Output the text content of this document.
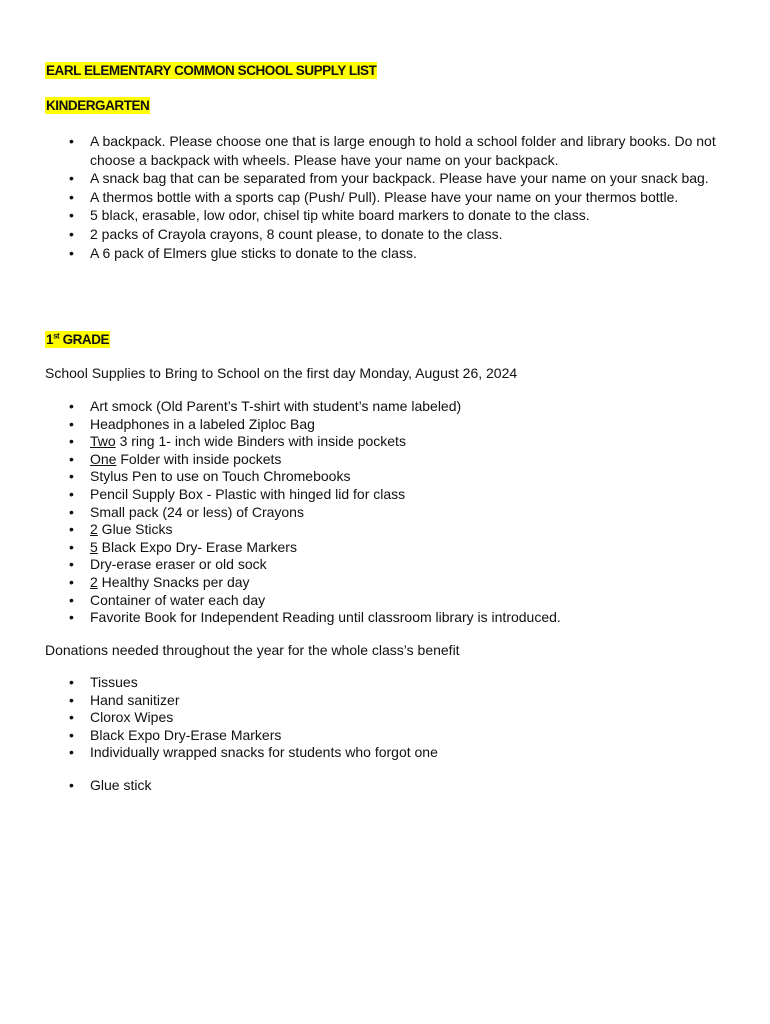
EARL ELEMENTARY COMMON SCHOOL SUPPLY LIST
KINDERGARTEN
• A backpack. Please choose one that is large enough to hold a school folder and library books. Do not choose a backpack with wheels. Please have your name on your backpack.
• A snack bag that can be separated from your backpack. Please have your name on your snack bag.
• A thermos bottle with a sports cap (Push/ Pull). Please have your name on your thermos bottle.
• 5 black, erasable, low odor, chisel tip white board markers to donate to the class.
• 2 packs of Crayola crayons, 8 count please, to donate to the class.
• A 6 pack of Elmers glue sticks to donate to the class.
1st GRADE
School Supplies to Bring to School on the first day Monday, August 26, 2024
• Art smock (Old Parent’s T-shirt with student’s name labeled)
• Headphones in a labeled Ziploc Bag
• Two 3 ring 1- inch wide Binders with inside pockets
• One Folder with inside pockets
• Stylus Pen to use on Touch Chromebooks
• Pencil Supply Box - Plastic with hinged lid for class
• Small pack (24 or less) of Crayons
• 2 Glue Sticks
• 5 Black Expo Dry- Erase Markers
• Dry-erase eraser or old sock
• 2 Healthy Snacks per day
• Container of water each day
• Favorite Book for Independent Reading until classroom library is introduced.
Donations needed throughout the year for the whole class’s benefit
• Tissues
• Hand sanitizer
• Clorox Wipes
• Black Expo Dry-Erase Markers
• Individually wrapped snacks for students who forgot one
• Glue stick
